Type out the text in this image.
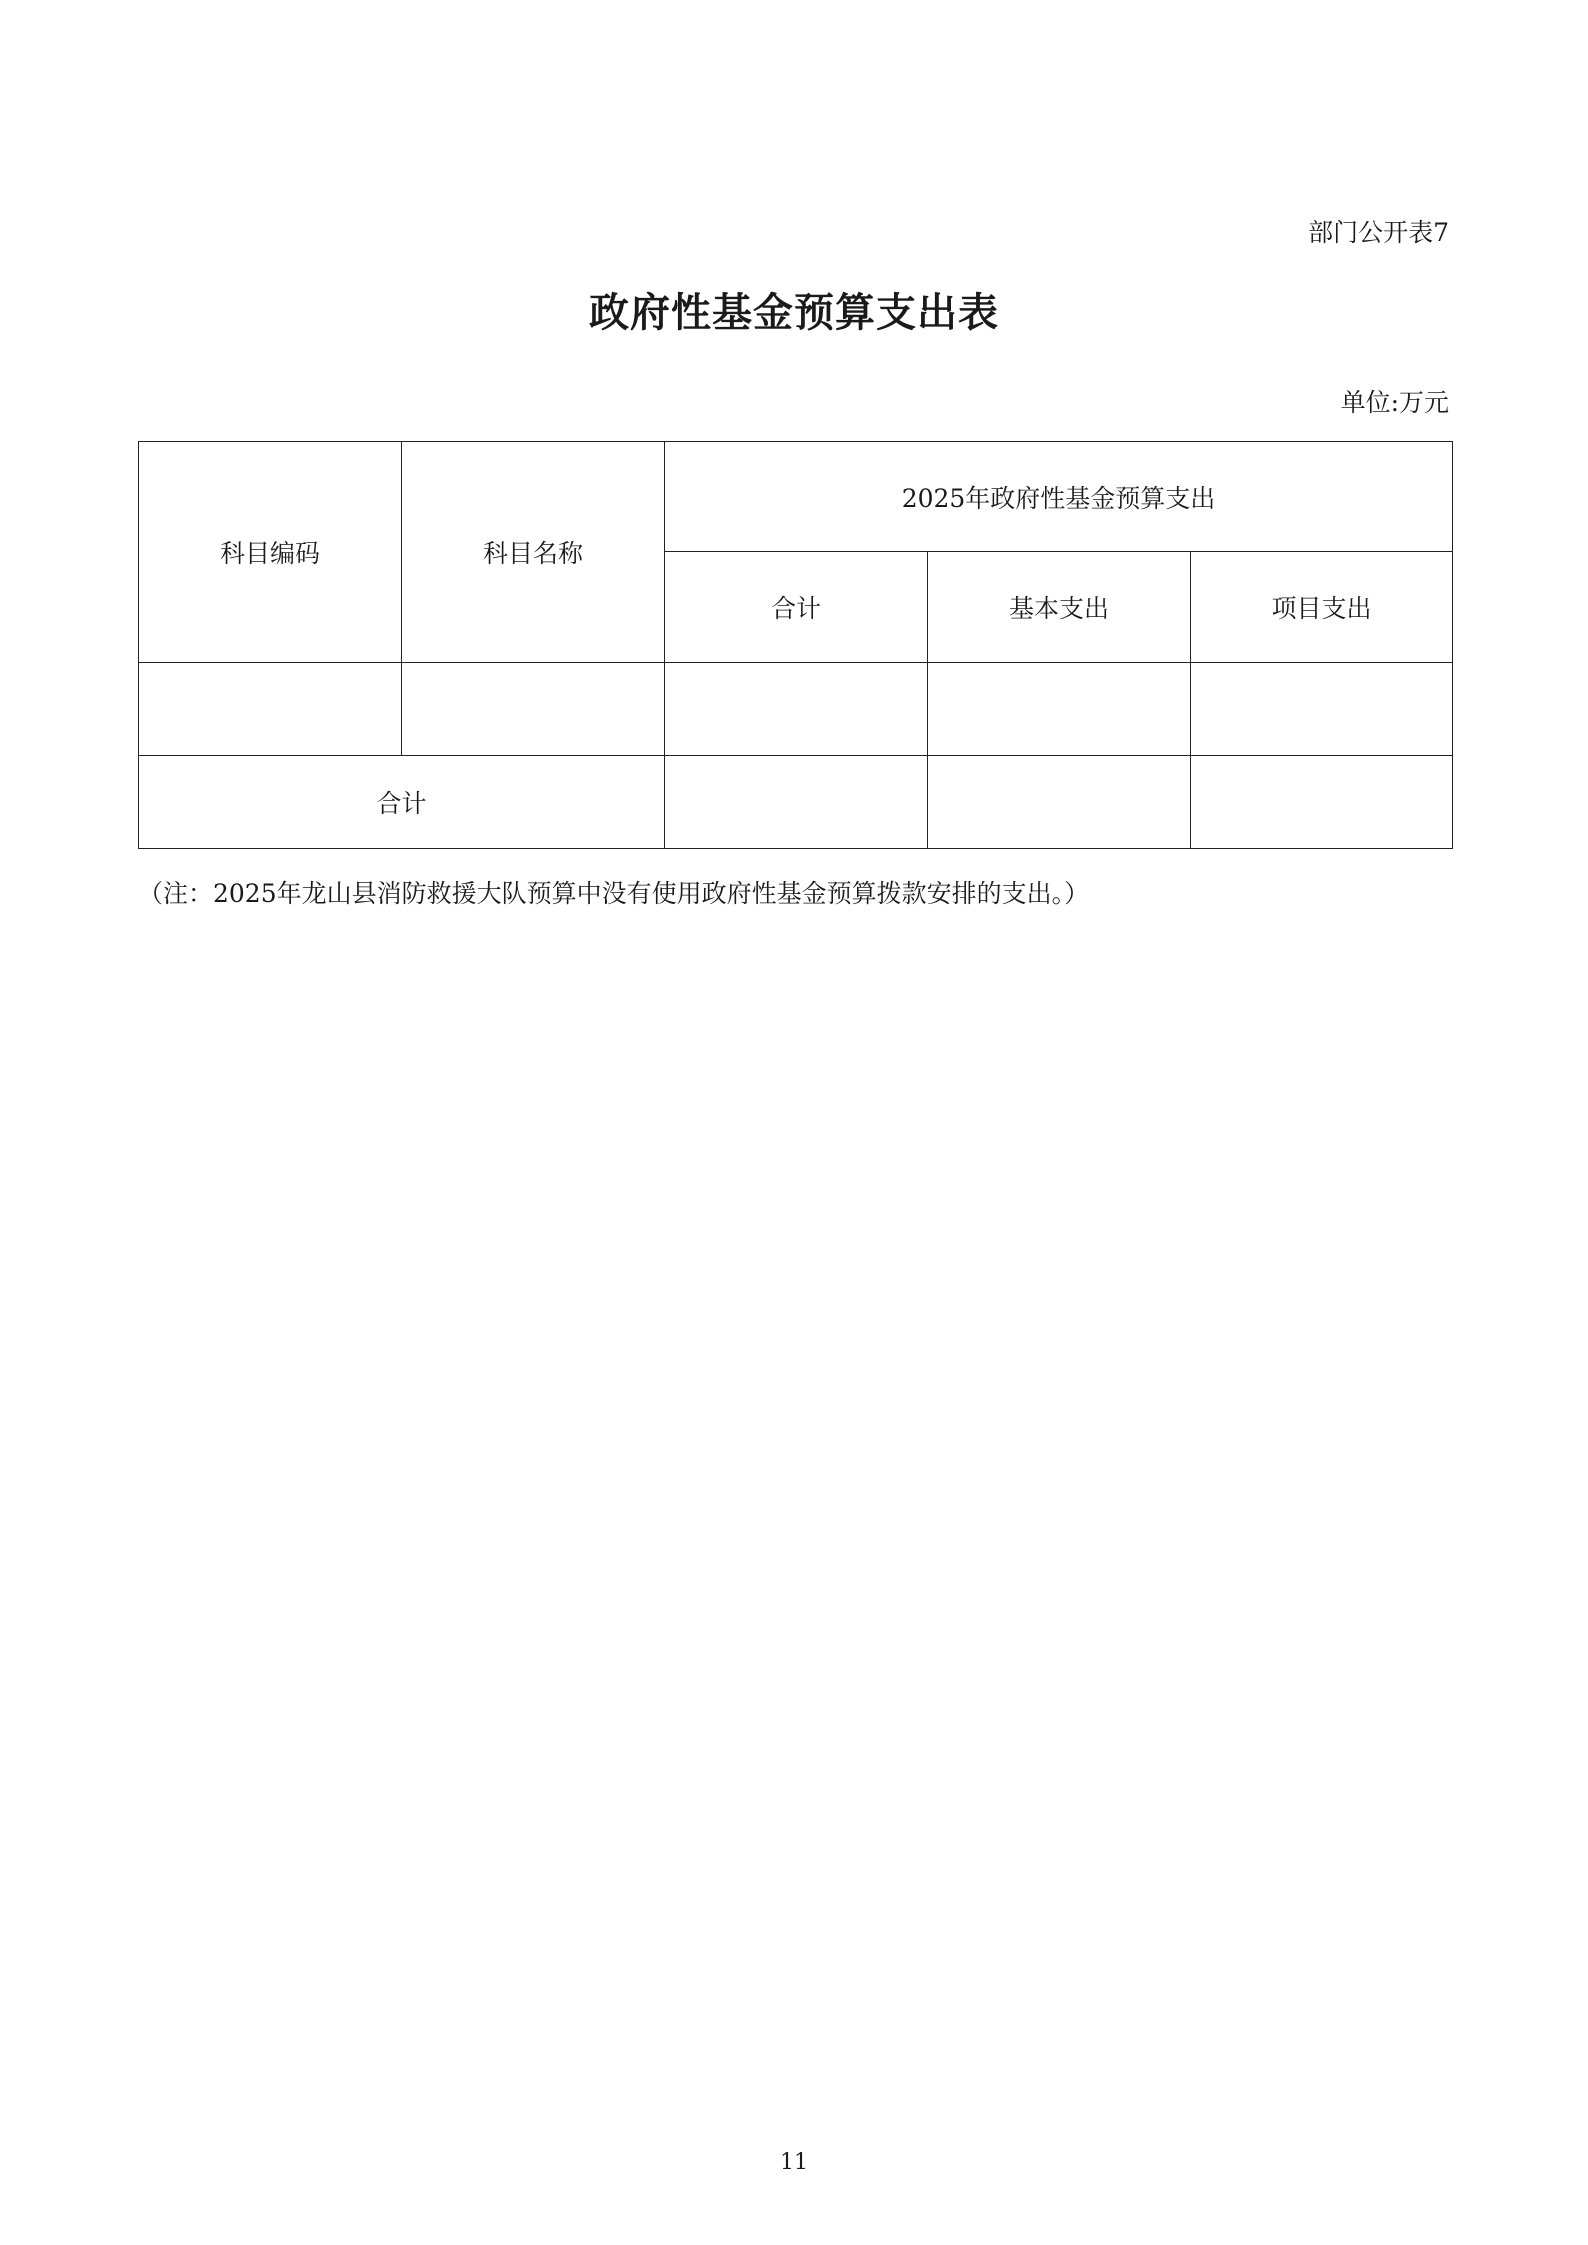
部门公开表7
政府性基金预算支出表
单位:万元
科目编码	科目名称	2025年政府性基金预算支出		
		合计	基本支出	项目支出

合计				
（注：2025年龙山县消防救援大队预算中没有使用政府性基金预算拨款安排的支出。）
11
